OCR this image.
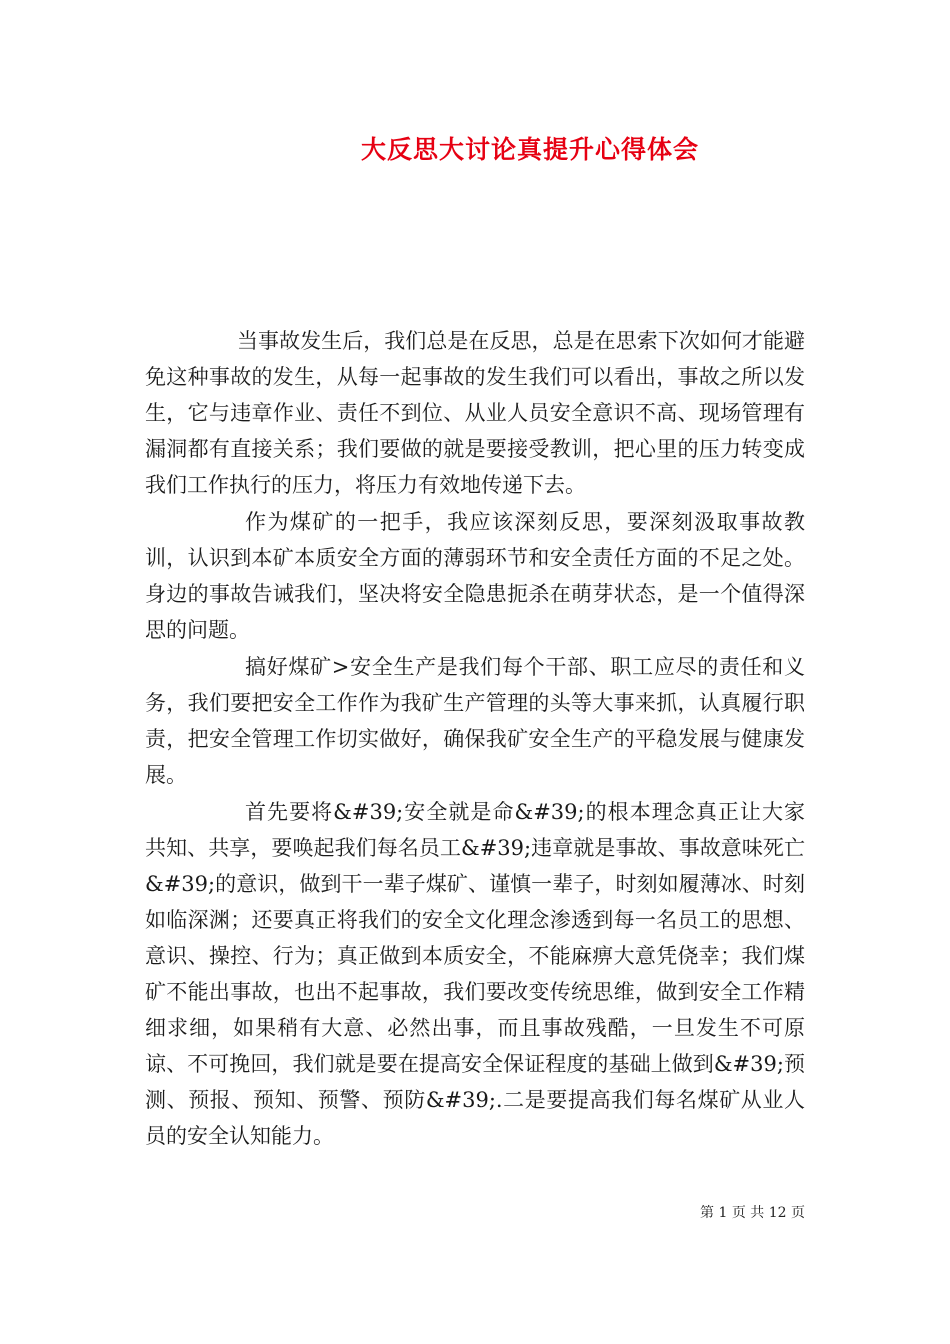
大反思大讨论真提升心得体会

当事故发生后，我们总是在反思，总是在思索下次如何才能避免这种事故的发生，从每一起事故的发生我们可以看出，事故之所以发生，它与违章作业、责任不到位、从业人员安全意识不高、现场管理有漏洞都有直接关系；我们要做的就是要接受教训，把心里的压力转变成我们工作执行的压力，将压力有效地传递下去。

作为煤矿的一把手，我应该深刻反思，要深刻汲取事故教训，认识到本矿本质安全方面的薄弱环节和安全责任方面的不足之处。身边的事故告诫我们，坚决将安全隐患扼杀在萌芽状态，是一个值得深思的问题。

搞好煤矿>安全生产是我们每个干部、职工应尽的责任和义务，我们要把安全工作作为我矿生产管理的头等大事来抓，认真履行职责，把安全管理工作切实做好，确保我矿安全生产的平稳发展与健康发展。

首先要将&#39;安全就是命&#39;的根本理念真正让大家共知、共享，要唤起我们每名员工&#39;违章就是事故、事故意味死亡&#39;的意识，做到干一辈子煤矿、谨慎一辈子，时刻如履薄冰、时刻如临深渊；还要真正将我们的安全文化理念渗透到每一名员工的思想、意识、操控、行为；真正做到本质安全，不能麻痹大意凭侥幸；我们煤矿不能出事故，也出不起事故，我们要改变传统思维，做到安全工作精细求细，如果稍有大意、必然出事，而且事故残酷，一旦发生不可原谅、不可挽回，我们就是要在提高安全保证程度的基础上做到&#39;预测、预报、预知、预警、预防&#39;.二是要提高我们每名煤矿从业人员的安全认知能力。

第 1 页 共 12 页
